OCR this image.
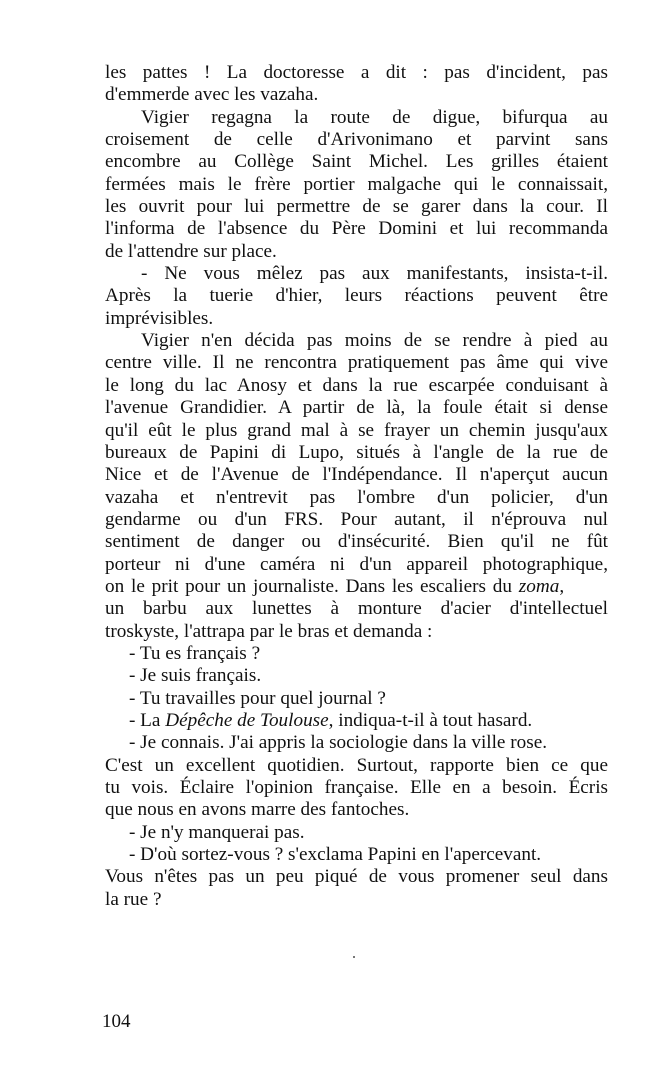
les pattes ! La doctoresse a dit : pas d'incident, pas
d'emmerde avec les vazaha.
Vigier regagna la route de digue, bifurqua au
croisement de celle d'Arivonimano et parvint sans
encombre au Collège Saint Michel. Les grilles étaient
fermées mais le frère portier malgache qui le connaissait,
les ouvrit pour lui permettre de se garer dans la cour. Il
l'informa de l'absence du Père Domini et lui recommanda
de l'attendre sur place.
- Ne vous mêlez pas aux manifestants, insista-t-il.
Après la tuerie d'hier, leurs réactions peuvent être
imprévisibles.
Vigier n'en décida pas moins de se rendre à pied au
centre ville. Il ne rencontra pratiquement pas âme qui vive
le long du lac Anosy et dans la rue escarpée conduisant à
l'avenue Grandidier. A partir de là, la foule était si dense
qu'il eût le plus grand mal à se frayer un chemin jusqu'aux
bureaux de Papini di Lupo, situés à l'angle de la rue de
Nice et de l'Avenue de l'Indépendance. Il n'aperçut aucun
vazaha et n'entrevit pas l'ombre d'un policier, d'un
gendarme ou d'un FRS. Pour autant, il n'éprouva nul
sentiment de danger ou d'insécurité. Bien qu'il ne fût
porteur ni d'une caméra ni d'un appareil photographique,
on le prit pour un journaliste. Dans les escaliers du zoma,
un barbu aux lunettes à monture d'acier d'intellectuel
troskyste, l'attrapa par le bras et demanda :
- Tu es français ?
- Je suis français.
- Tu travailles pour quel journal ?
- La Dépêche de Toulouse, indiqua-t-il à tout hasard.
- Je connais. J'ai appris la sociologie dans la ville rose.
C'est un excellent quotidien. Surtout, rapporte bien ce que
tu vois. Éclaire l'opinion française. Elle en a besoin. Écris
que nous en avons marre des fantoches.
- Je n'y manquerai pas.
- D'où sortez-vous ? s'exclama Papini en l'apercevant.
Vous n'êtes pas un peu piqué de vous promener seul dans
la rue ?
104
